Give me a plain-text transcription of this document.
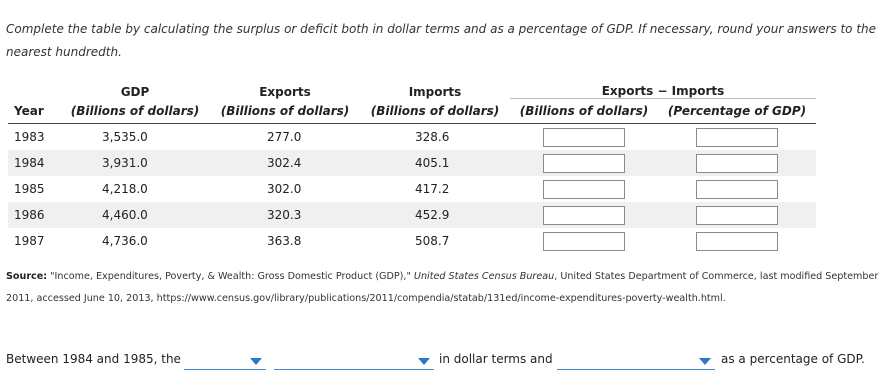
Complete the table by calculating the surplus or deficit both in dollar terms and as a percentage of GDP. If necessary, round your answers to the nearest hundredth.
	GDP	Exports	Imports	Exports − Imports	
Year	(Billions of dollars)	(Billions of dollars)	(Billions of dollars)	(Billions of dollars)	(Percentage of GDP)
1983	3,535.0	277.0	328.6		
1984	3,931.0	302.4	405.1		
1985	4,218.0	302.0	417.2		
1986	4,460.0	320.3	452.9		
1987	4,736.0	363.8	508.7		
Source: "Income, Expenditures, Poverty, & Wealth: Gross Domestic Product (GDP)," United States Census Bureau, United States Department of Commerce, last modified September 2011, accessed June 10, 2013, https://www.census.gov/library/publications/2011/compendia/statab/131ed/income-expenditures-poverty-wealth.html.
Between 1984 and 1985, the	in dollar terms and	as a percentage of GDP.
